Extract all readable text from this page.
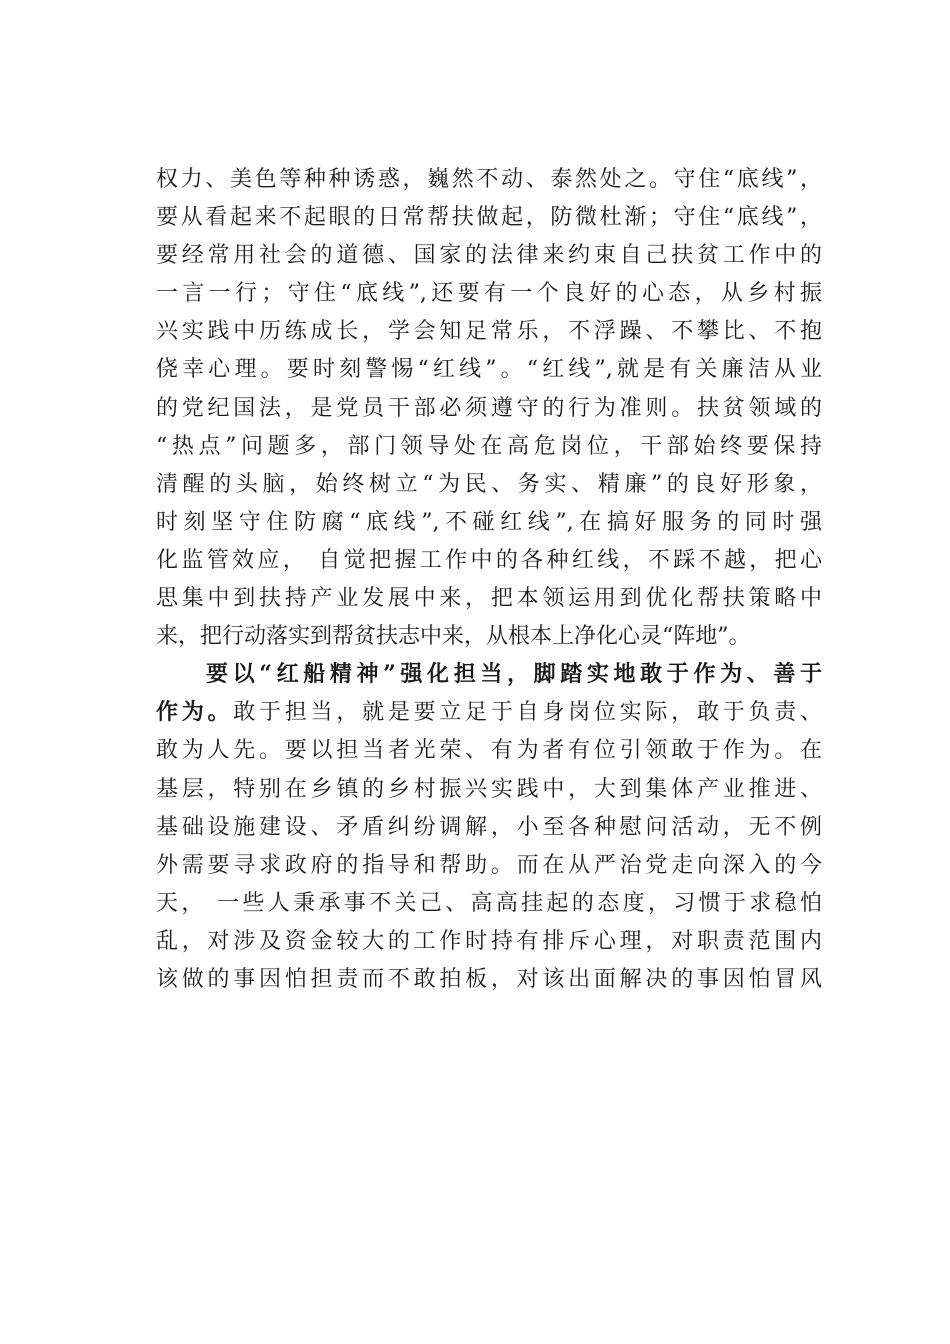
权力、美色等种种诱惑，巍然不动、泰然处之。守住“底线”，
要从看起来不起眼的日常帮扶做起，防微杜渐；守住“底线”，
要经常用社会的道德、国家的法律来约束自己扶贫工作中的
一言一行；守住“底线”,还要有一个良好的心态，从乡村振
兴实践中历练成长，学会知足常乐，不浮躁、不攀比、不抱
侥幸心理。要时刻警惕“红线”。“红线”,就是有关廉洁从业
的党纪国法，是党员干部必须遵守的行为准则。扶贫领域的
“热点”问题多，部门领导处在高危岗位，干部始终要保持
清醒的头脑，始终树立“为民、务实、精廉”的良好形象，
时刻坚守住防腐“底线”,不碰红线”,在搞好服务的同时强
化监管效应， 自觉把握工作中的各种红线，不踩不越，把心
思集中到扶持产业发展中来，把本领运用到优化帮扶策略中
来，把行动落实到帮贫扶志中来，从根本上净化心灵“阵地”。
要以“红船精神”强化担当，脚踏实地敢于作为、善于
作为。敢于担当，就是要立足于自身岗位实际，敢于负责、
敢为人先。要以担当者光荣、有为者有位引领敢于作为。在
基层，特别在乡镇的乡村振兴实践中，大到集体产业推进、
基础设施建设、矛盾纠纷调解，小至各种慰问活动，无不例
外需要寻求政府的指导和帮助。而在从严治党走向深入的今
天， 一些人秉承事不关己、高高挂起的态度，习惯于求稳怕
乱，对涉及资金较大的工作时持有排斥心理，对职责范围内
该做的事因怕担责而不敢拍板，对该出面解决的事因怕冒风
